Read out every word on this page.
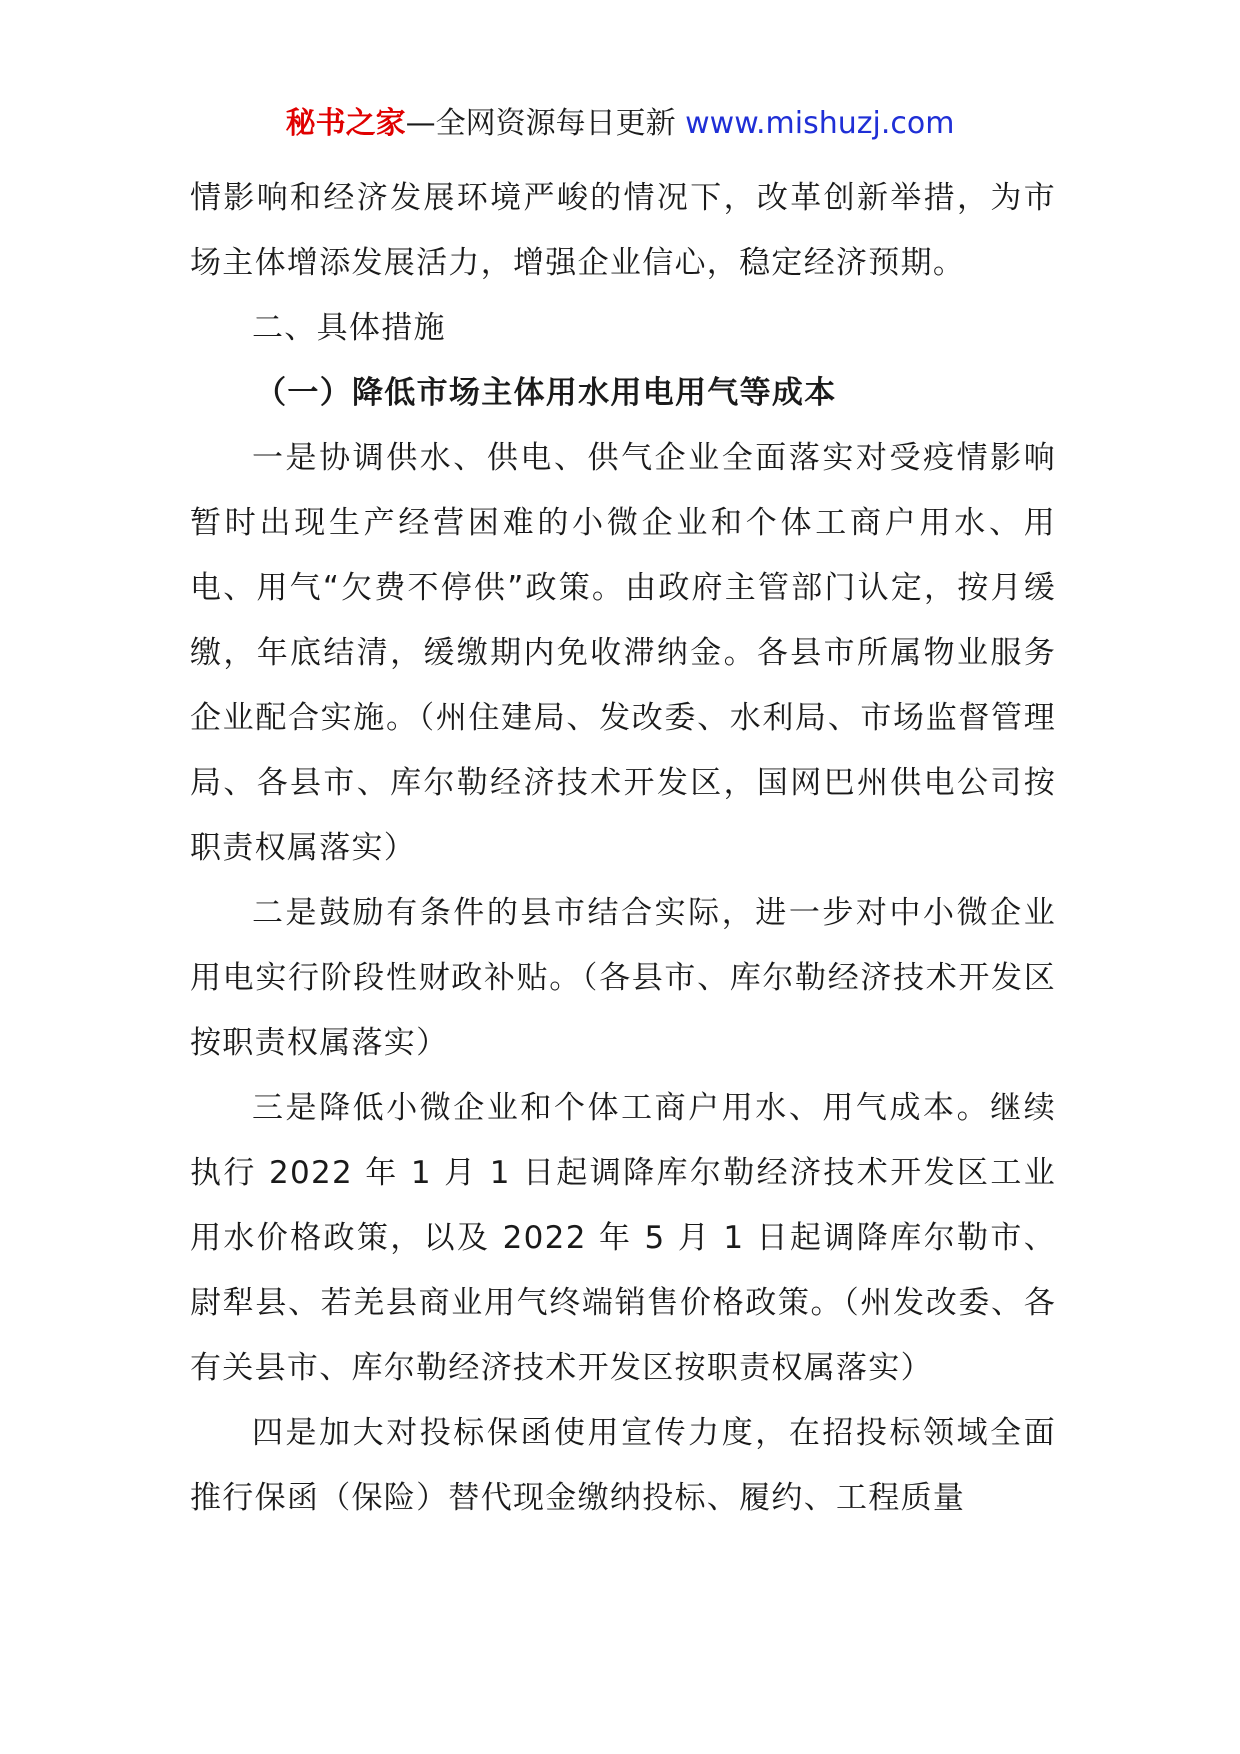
秘书之家—全网资源每日更新 www.mishuzj.com

情影响和经济发展环境严峻的情况下，改革创新举措，为市场主体增添发展活力，增强企业信心，稳定经济预期。

二、具体措施

（一）降低市场主体用水用电用气等成本

一是协调供水、供电、供气企业全面落实对受疫情影响暂时出现生产经营困难的小微企业和个体工商户用水、用电、用气“欠费不停供”政策。由政府主管部门认定，按月缓缴，年底结清，缓缴期内免收滞纳金。各县市所属物业服务企业配合实施。（州住建局、发改委、水利局、市场监督管理局、各县市、库尔勒经济技术开发区，国网巴州供电公司按职责权属落实）

二是鼓励有条件的县市结合实际，进一步对中小微企业用电实行阶段性财政补贴。（各县市、库尔勒经济技术开发区按职责权属落实）

三是降低小微企业和个体工商户用水、用气成本。继续执行 2022 年 1 月 1 日起调降库尔勒经济技术开发区工业用水价格政策，以及 2022 年 5 月 1 日起调降库尔勒市、尉犁县、若羌县商业用气终端销售价格政策。（州发改委、各有关县市、库尔勒经济技术开发区按职责权属落实）

四是加大对投标保函使用宣传力度，在招投标领域全面推行保函（保险）替代现金缴纳投标、履约、工程质量
